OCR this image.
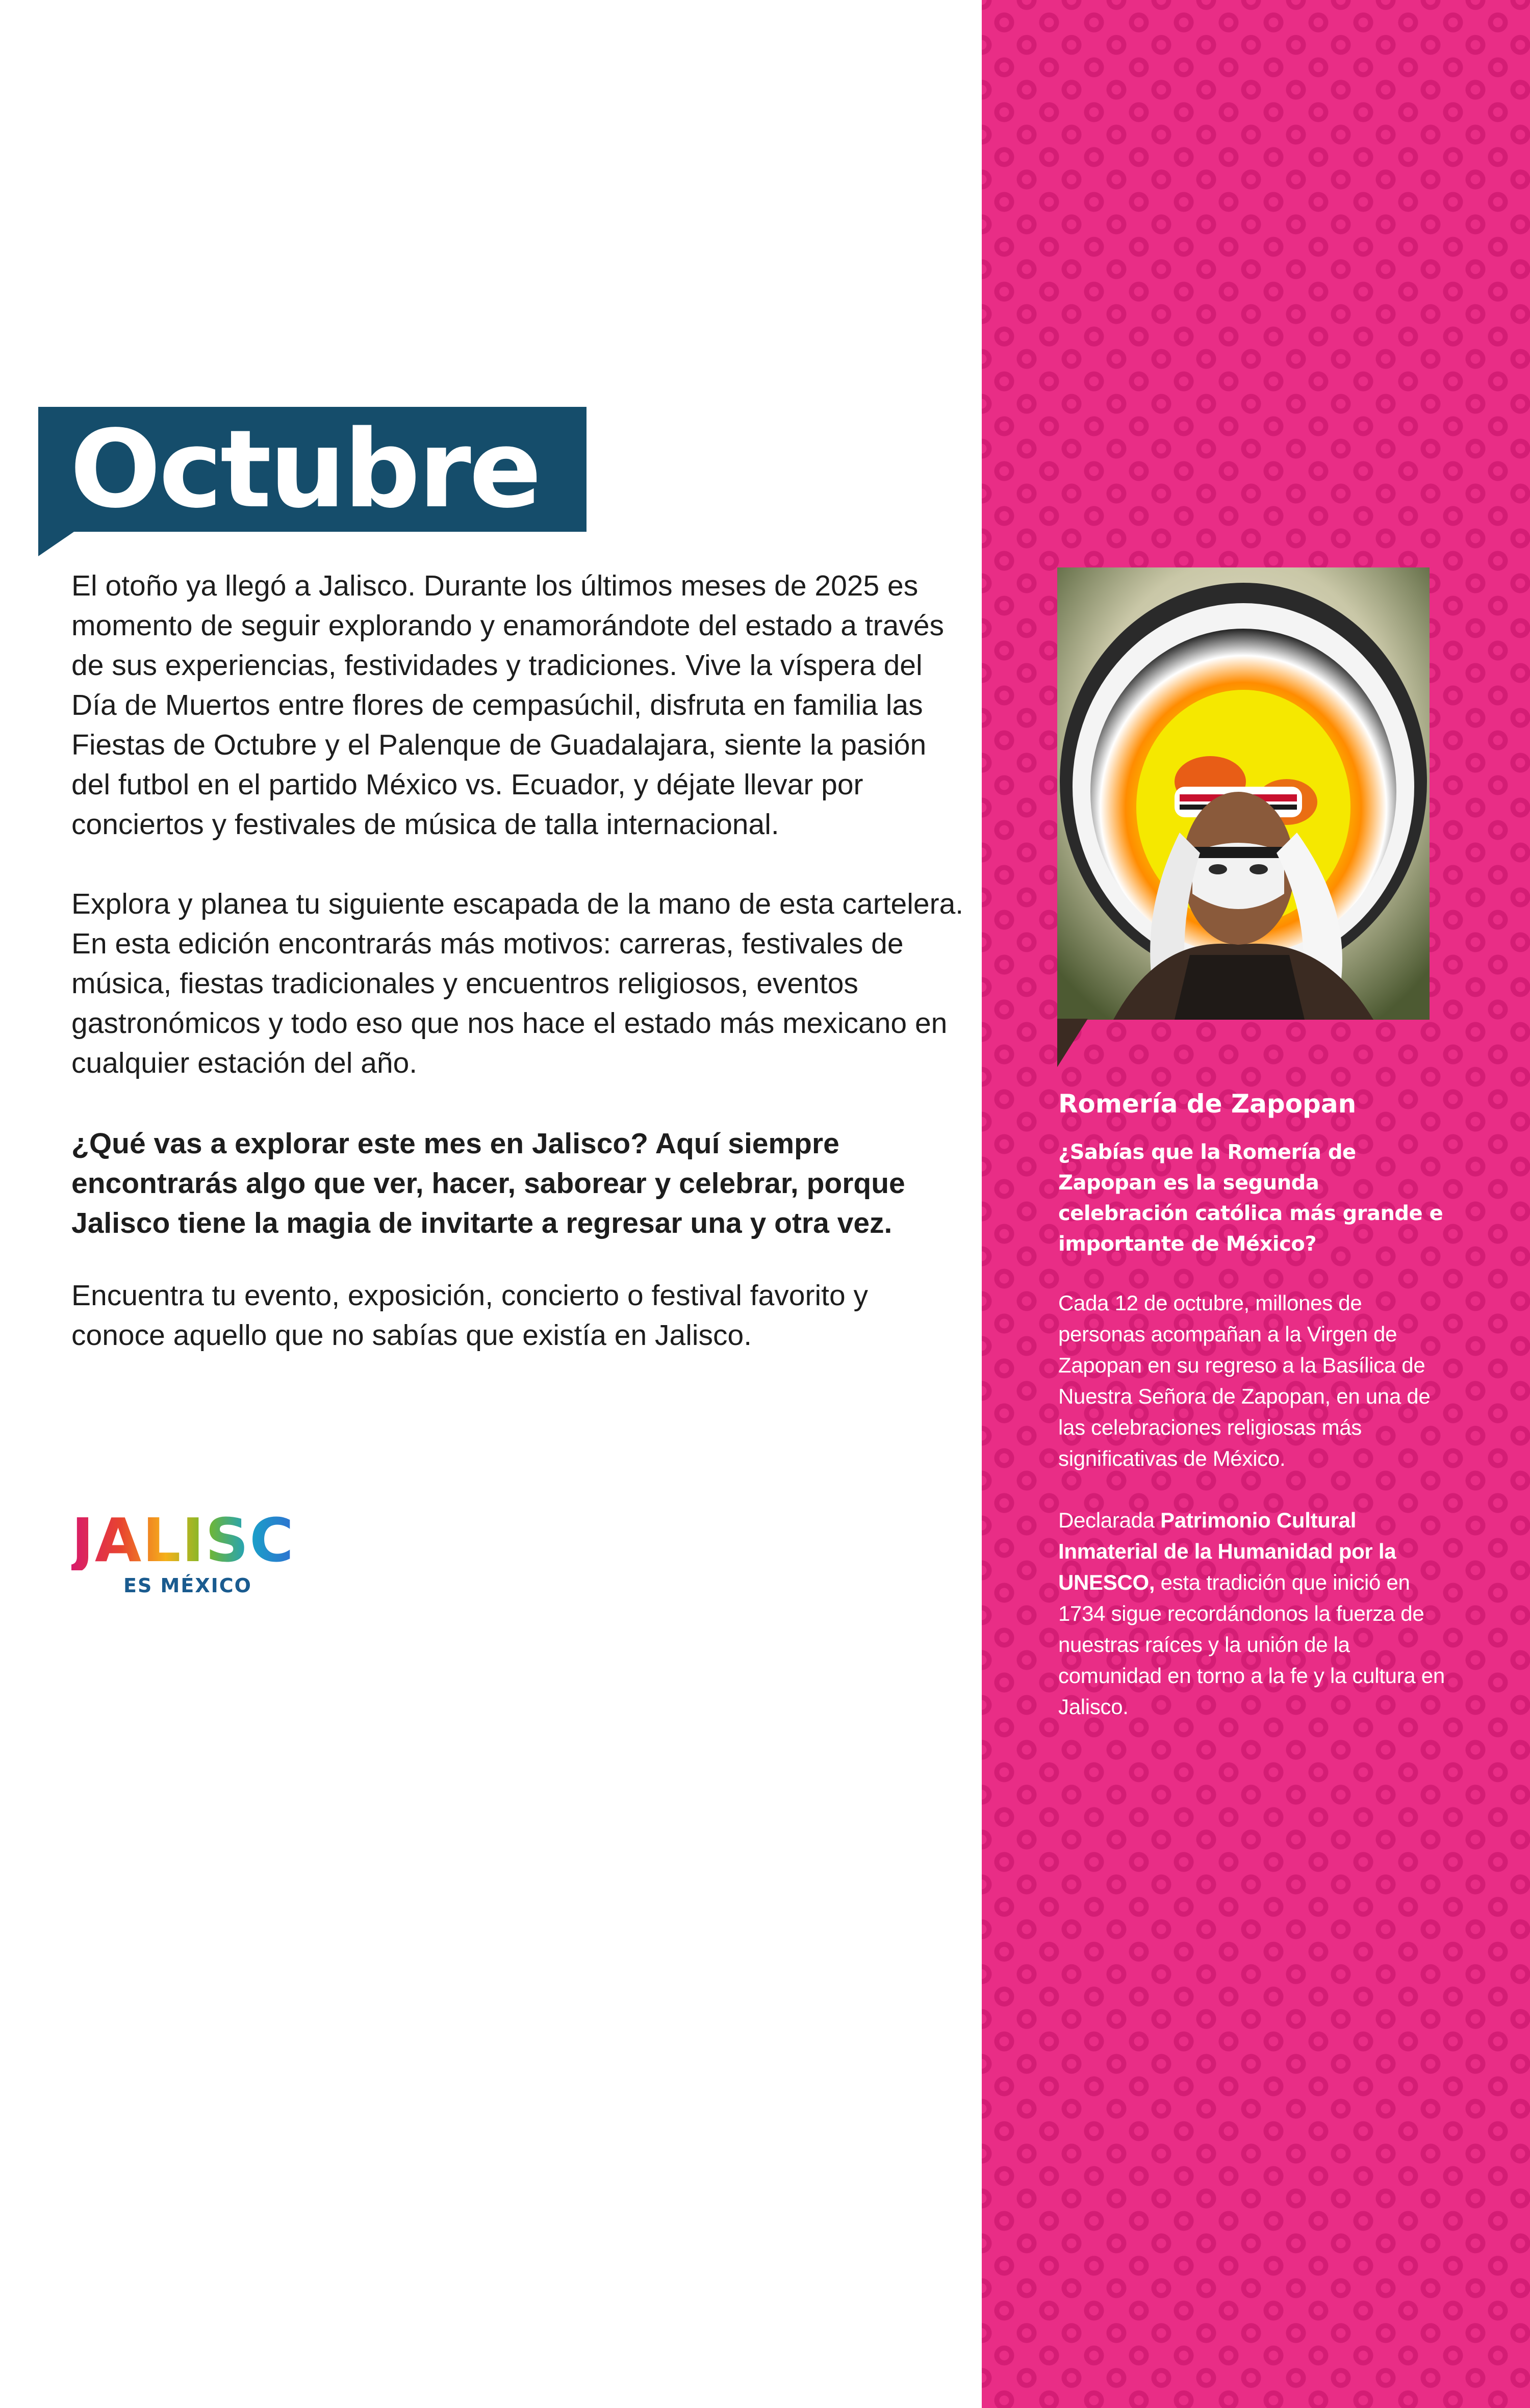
Octubre

El otoño ya llegó a Jalisco. Durante los últimos meses de 2025 es momento de seguir explorando y enamorándote del estado a través de sus experiencias, festividades y tradiciones. Vive la víspera del Día de Muertos entre flores de cempasúchil, disfruta en familia las Fiestas de Octubre y el Palenque de Guadalajara, siente la pasión del futbol en el partido México vs. Ecuador, y déjate llevar por conciertos y festivales de música de talla internacional.

Explora y planea tu siguiente escapada de la mano de esta cartelera. En esta edición encontrarás más motivos: carreras, festivales de música, fiestas tradicionales y encuentros religiosos, eventos gastronómicos y todo eso que nos hace el estado más mexicano en cualquier estación del año.

¿Qué vas a explorar este mes en Jalisco? Aquí siempre encontrarás algo que ver, hacer, saborear y celebrar, porque Jalisco tiene la magia de invitarte a regresar una y otra vez.

Encuentra tu evento, exposición, concierto o festival favorito y conoce aquello que no sabías que existía en Jalisco.

JALISCO
ES MÉXICO
Romería de Zapopan
¿Sabías que la Romería de Zapopan es la segunda celebración católica más grande e importante de México?

Cada 12 de octubre, millones de personas acompañan a la Virgen de Zapopan en su regreso a la Basílica de Nuestra Señora de Zapopan, en una de las celebraciones religiosas más significativas de México.

Declarada Patrimonio Cultural Inmaterial de la Humanidad por la UNESCO, esta tradición que inició en 1734 sigue recordándonos la fuerza de nuestras raíces y la unión de la comunidad en torno a la fe y la cultura en Jalisco.
